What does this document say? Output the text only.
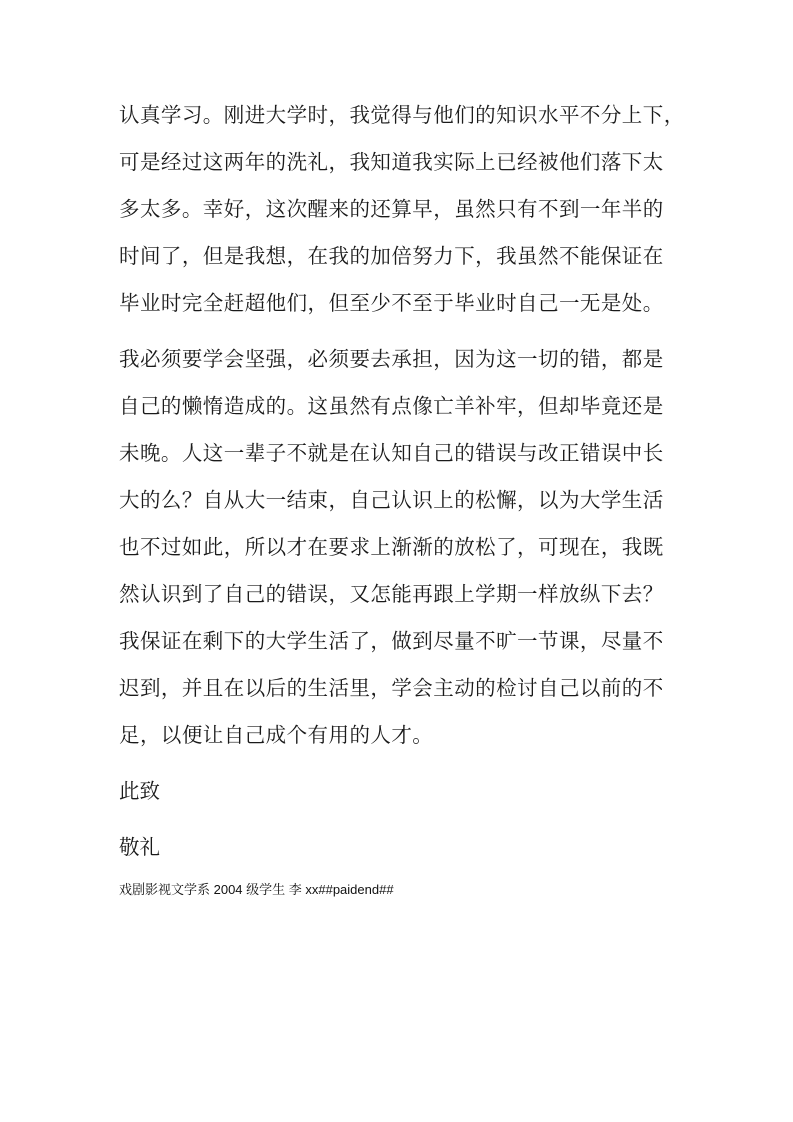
认真学习。刚进大学时，我觉得与他们的知识水平不分上下，

可是经过这两年的洗礼，我知道我实际上已经被他们落下太

多太多。幸好，这次醒来的还算早，虽然只有不到一年半的

时间了，但是我想，在我的加倍努力下，我虽然不能保证在

毕业时完全赶超他们，但至少不至于毕业时自己一无是处。

我必须要学会坚强，必须要去承担，因为这一切的错，都是

自己的懒惰造成的。这虽然有点像亡羊补牢，但却毕竟还是

未晚。人这一辈子不就是在认知自己的错误与改正错误中长

大的么？自从大一结束，自己认识上的松懈，以为大学生活

也不过如此，所以才在要求上渐渐的放松了，可现在，我既

然认识到了自己的错误，又怎能再跟上学期一样放纵下去？

我保证在剩下的大学生活了，做到尽量不旷一节课，尽量不

迟到，并且在以后的生活里，学会主动的检讨自己以前的不

足，以便让自己成个有用的人才。

此致

敬礼

戏剧影视文学系 2004 级学生 李 xx##paidend##
